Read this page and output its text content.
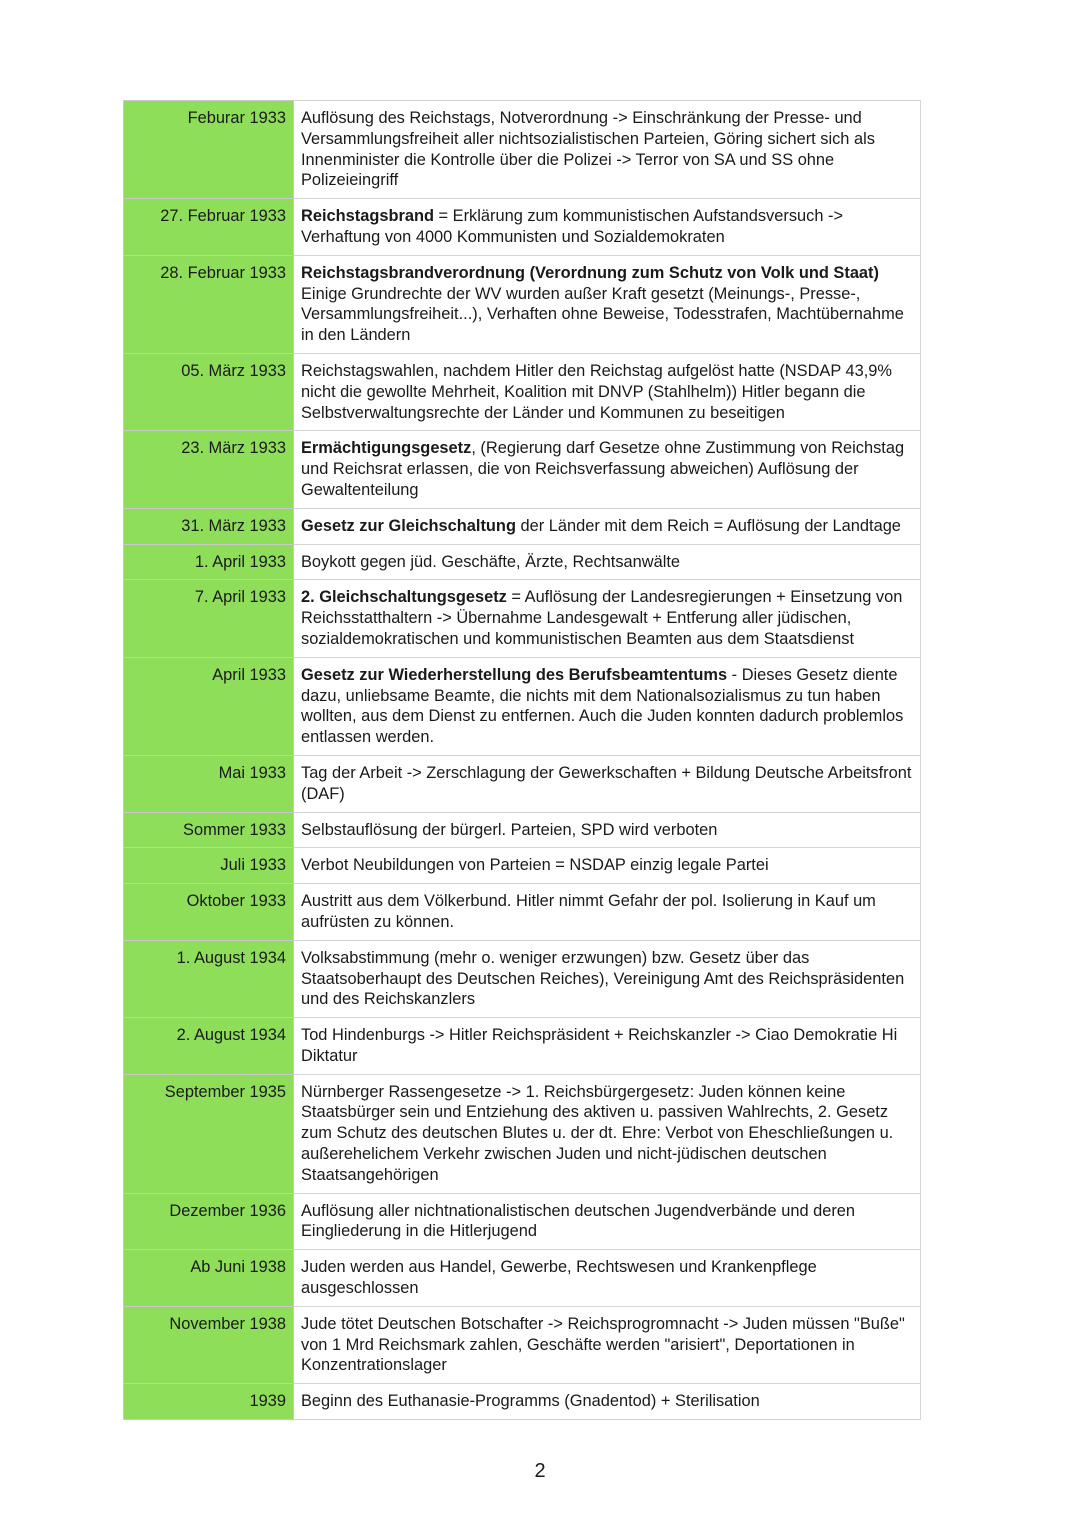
Feburar 1933	Auflösung des Reichstags, Notverordnung -> Einschränkung der Presse- und Versammlungsfreiheit aller nichtsozialistischen Parteien, Göring sichert sich als Innenminister die Kontrolle über die Polizei -> Terror von SA und SS ohne Polizeieingriff
27. Februar 1933	Reichstagsbrand = Erklärung zum kommunistischen Aufstandsversuch -> Verhaftung von 4000 Kommunisten und Sozialdemokraten
28. Februar 1933	Reichstagsbrandverordnung (Verordnung zum Schutz von Volk und Staat) Einige Grundrechte der WV wurden außer Kraft gesetzt (Meinungs-, Presse-, Versammlungsfreiheit...), Verhaften ohne Beweise, Todesstrafen, Machtübernahme in den Ländern
05. März 1933	Reichstagswahlen, nachdem Hitler den Reichstag aufgelöst hatte (NSDAP 43,9% nicht die gewollte Mehrheit, Koalition mit DNVP (Stahlhelm)) Hitler begann die Selbstverwaltungsrechte der Länder und Kommunen zu beseitigen
23. März 1933	Ermächtigungsgesetz, (Regierung darf Gesetze ohne Zustimmung von Reichstag und Reichsrat erlassen, die von Reichsverfassung abweichen) Auflösung der Gewaltenteilung
31. März 1933	Gesetz zur Gleichschaltung der Länder mit dem Reich = Auflösung der Landtage
1. April 1933	Boykott gegen jüd. Geschäfte, Ärzte, Rechtsanwälte
7. April 1933	2. Gleichschaltungsgesetz = Auflösung der Landesregierungen + Einsetzung von Reichsstatthaltern -> Übernahme Landesgewalt + Entferung aller jüdischen, sozialdemokratischen und kommunistischen Beamten aus dem Staatsdienst
April 1933	Gesetz zur Wiederherstellung des Berufsbeamtentums - Dieses Gesetz diente dazu, unliebsame Beamte, die nichts mit dem Nationalsozialismus zu tun haben wollten, aus dem Dienst zu entfernen. Auch die Juden konnten dadurch problemlos entlassen werden.
Mai 1933	Tag der Arbeit -> Zerschlagung der Gewerkschaften + Bildung Deutsche Arbeitsfront (DAF)
Sommer 1933	Selbstauflösung der bürgerl. Parteien, SPD wird verboten
Juli 1933	Verbot Neubildungen von Parteien = NSDAP einzig legale Partei
Oktober 1933	Austritt aus dem Völkerbund. Hitler nimmt Gefahr der pol. Isolierung in Kauf um aufrüsten zu können.
1. August 1934	Volksabstimmung (mehr o. weniger erzwungen) bzw. Gesetz über das Staatsoberhaupt des Deutschen Reiches), Vereinigung Amt des Reichspräsidenten und des Reichskanzlers
2. August 1934	Tod Hindenburgs -> Hitler Reichspräsident + Reichskanzler -> Ciao Demokratie Hi Diktatur
September 1935	Nürnberger Rassengesetze -> 1. Reichsbürgergesetz: Juden können keine Staatsbürger sein und Entziehung des aktiven u. passiven Wahlrechts, 2. Gesetz zum Schutz des deutschen Blutes u. der dt. Ehre: Verbot von Eheschließungen u. außerehelichem Verkehr zwischen Juden und nicht-jüdischen deutschen Staatsangehörigen
Dezember 1936	Auflösung aller nichtnationalistischen deutschen Jugendverbände und deren Eingliederung in die Hitlerjugend
Ab Juni 1938	Juden werden aus Handel, Gewerbe, Rechtswesen und Krankenpflege ausgeschlossen
November 1938	Jude tötet Deutschen Botschafter -> Reichsprogromnacht -> Juden müssen "Buße" von 1 Mrd Reichsmark zahlen, Geschäfte werden "arisiert", Deportationen in Konzentrationslager
1939	Beginn des Euthanasie-Programms (Gnadentod) + Sterilisation
2
